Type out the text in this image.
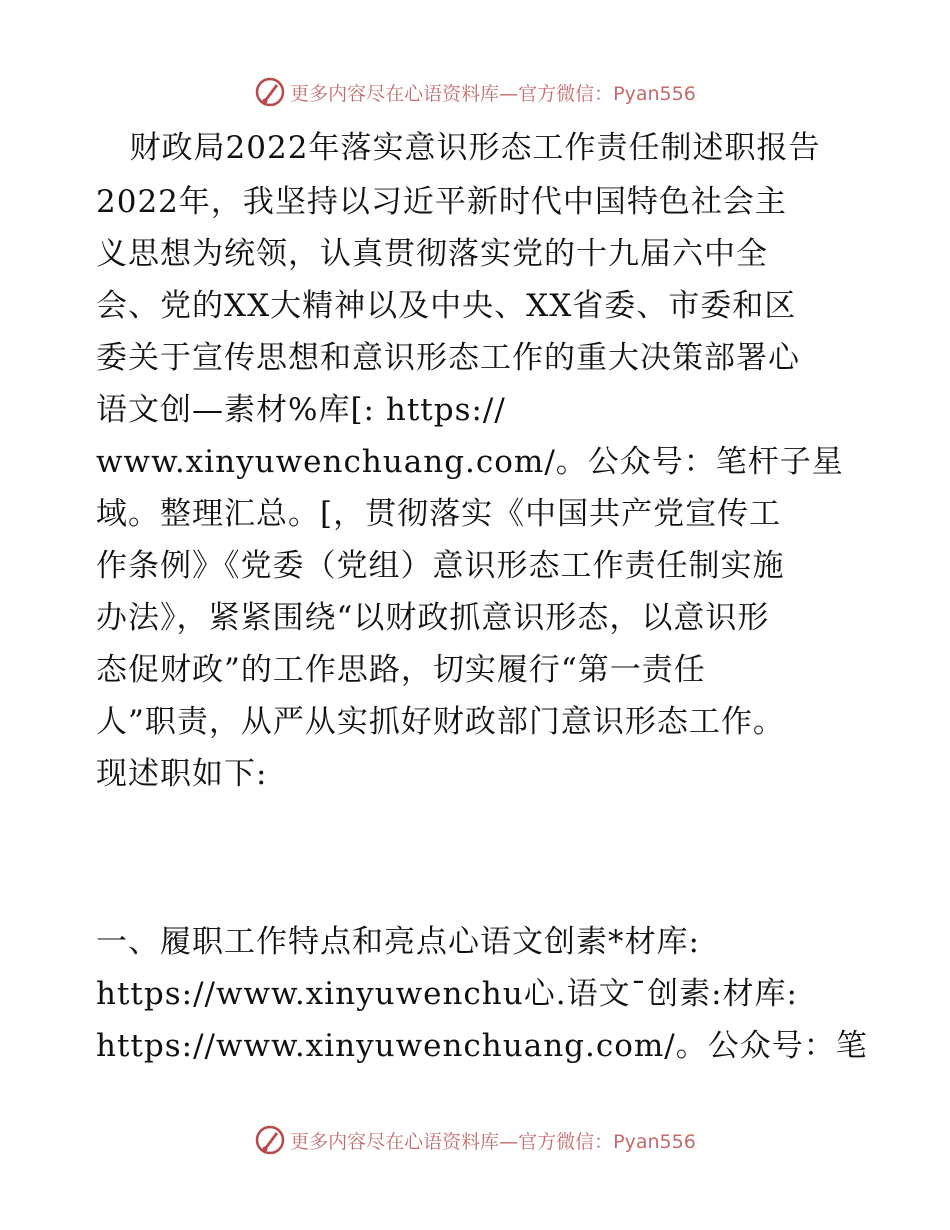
更多内容尽在心语资料库—官方微信：Pyan556
财政局2022年落实意识形态工作责任制述职报告
2022年，我坚持以习近平新时代中国特色社会主
义思想为统领，认真贯彻落实党的十九届六中全
会、党的XX大精神以及中央、XX省委、市委和区
委关于宣传思想和意识形态工作的重大决策部署心
语文创—素材%库[: https://
www.xinyuwenchuang.com/。公众号：笔杆子星
域。整理汇总。[，贯彻落实《中国共产党宣传工
作条例》《党委（党组）意识形态工作责任制实施
办法》，紧紧围绕“以财政抓意识形态，以意识形
态促财政”的工作思路，切实履行“第一责任
人”职责，从严从实抓好财政部门意识形态工作。
现述职如下:
一、履职工作特点和亮点心语文创素*材库:
https://www.xinyuwenchu心.语文¯创素:材库:
https://www.xinyuwenchuang.com/。公众号：笔
更多内容尽在心语资料库—官方微信：Pyan556
